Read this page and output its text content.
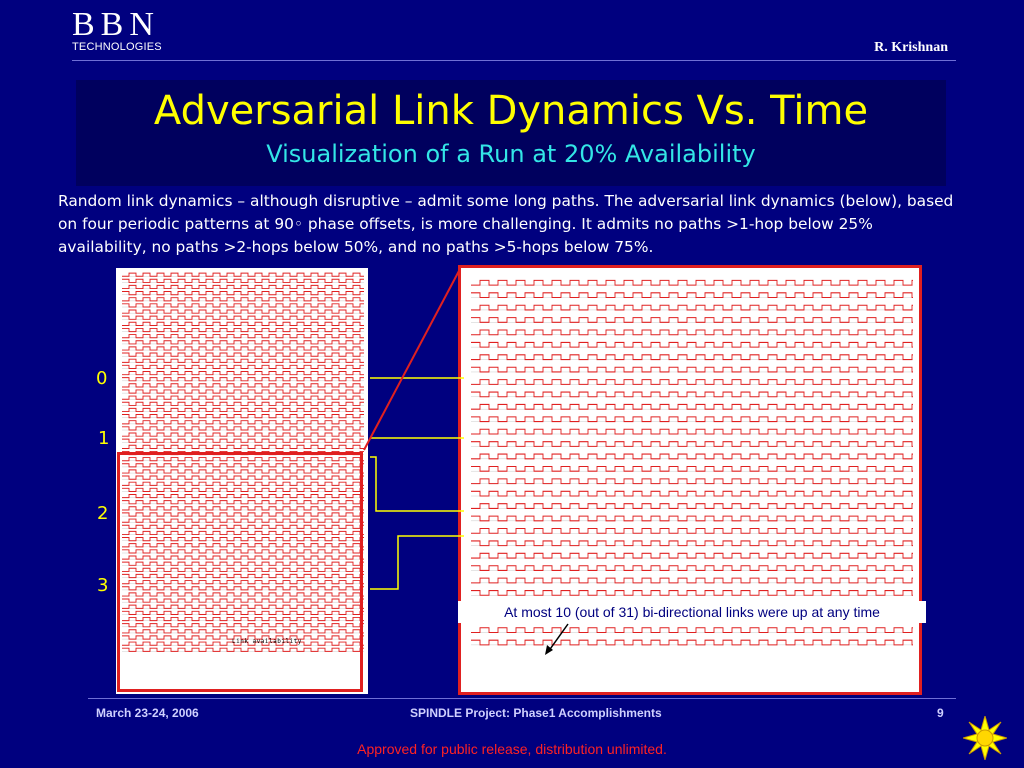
BBN
TECHNOLOGIES	R. Krishnan
Adversarial Link Dynamics Vs. Time
Visualization of a Run at 20% Availability
Random link dynamics – although disruptive – admit some long paths. The adversarial link dynamics (below), based on four periodic patterns at 90◦ phase offsets, is more challenging. It admits no paths >1-hop below 25% availability, no paths >2-hops below 50%, and no paths >5-hops below 75%.
Link availability
0
1
2
3
At most 10 (out of 31) bi-directional links were up at any time
March 23-24, 2006	SPINDLE Project: Phase1 Accomplishments	9
Approved for public release, distribution unlimited.
